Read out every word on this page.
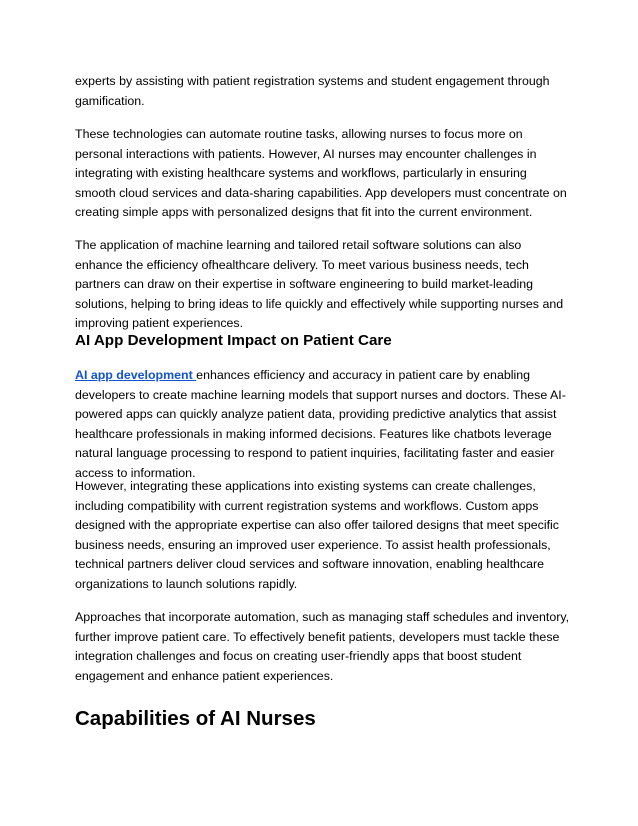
experts by assisting with patient registration systems and student engagement through gamification.

These technologies can automate routine tasks, allowing nurses to focus more on personal interactions with patients. However, AI nurses may encounter challenges in integrating with existing healthcare systems and workflows, particularly in ensuring smooth cloud services and data-sharing capabilities. App developers must concentrate on creating simple apps with personalized designs that fit into the current environment.

The application of machine learning and tailored retail software solutions can also enhance the efficiency ofhealthcare delivery. To meet various business needs, tech partners can draw on their expertise in software engineering to build market-leading solutions, helping to bring ideas to life quickly and effectively while supporting nurses and improving patient experiences.

AI App Development Impact on Patient Care

AI app development enhances efficiency and accuracy in patient care by enabling developers to create machine learning models that support nurses and doctors. These AI-powered apps can quickly analyze patient data, providing predictive analytics that assist healthcare professionals in making informed decisions. Features like chatbots leverage natural language processing to respond to patient inquiries, facilitating faster and easier access to information.

However, integrating these applications into existing systems can create challenges, including compatibility with current registration systems and workflows. Custom apps designed with the appropriate expertise can also offer tailored designs that meet specific business needs, ensuring an improved user experience. To assist health professionals, technical partners deliver cloud services and software innovation, enabling healthcare organizations to launch solutions rapidly.

Approaches that incorporate automation, such as managing staff schedules and inventory, further improve patient care. To effectively benefit patients, developers must tackle these integration challenges and focus on creating user-friendly apps that boost student engagement and enhance patient experiences.

Capabilities of AI Nurses
